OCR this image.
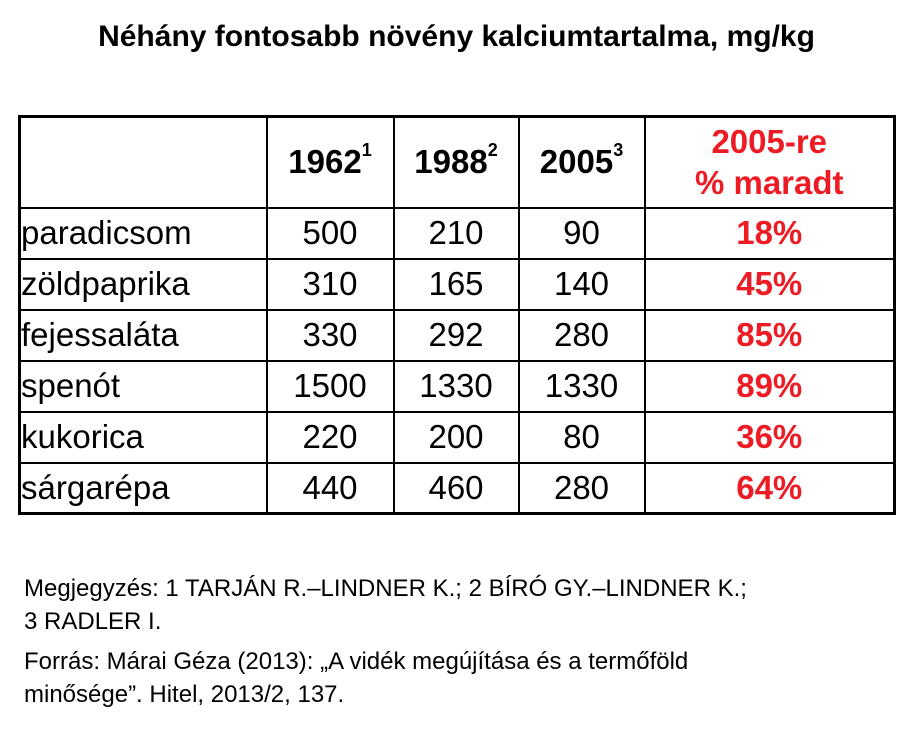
Néhány fontosabb növény kalciumtartalma, mg/kg
	1962$^1$	1988$^2$	2005$^3$	2005-re
% maradt

paradicsom	500	210	90	18%
zöldpaprika	310	165	140	45%
fejessaláta	330	292	280	85%
spenót	1500	1330	1330	89%
kukorica	220	200	80	36%
sárgarépa	440	460	280	64%

Megjegyzés: 1 TARJÁN R.–LINDNER K.; 2 BÍRÓ GY.–LINDNER K.;
3 RADLER I.

Forrás: Márai Géza (2013): „A vidék megújítása és a termőföld
minősége”. Hitel, 2013/2, 137.
